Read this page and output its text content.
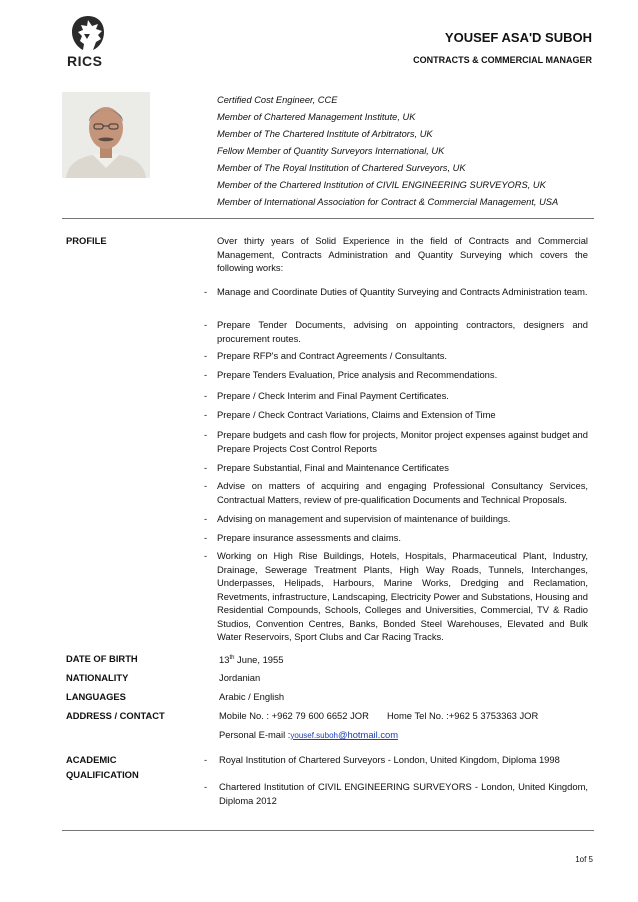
RICS
YOUSEF ASA'D SUBOH
CONTRACTS & COMMERCIAL MANAGER
Certified Cost Engineer, CCE
Member of Chartered Management Institute, UK
Member of The Chartered Institute of Arbitrators, UK
Fellow Member of Quantity Surveyors International, UK
Member of The Royal Institution of Chartered Surveyors, UK
Member of the Chartered Institution of CIVIL ENGINEERING SURVEYORS, UK
Member of International Association for Contract & Commercial Management, USA
PROFILE	Over thirty years of Solid Experience in the field of Contracts and Commercial Management, Contracts Administration and Quantity Surveying which covers the following works:
- Manage and Coordinate Duties of Quantity Surveying and Contracts Administration team.
- Prepare Tender Documents, advising on appointing contractors, designers and procurement routes.
- Prepare RFP's and Contract Agreements / Consultants.
- Prepare Tenders Evaluation, Price analysis and Recommendations.
- Prepare / Check Interim and Final Payment Certificates.
- Prepare / Check Contract Variations, Claims and Extension of Time
- Prepare budgets and cash flow for projects, Monitor project expenses against budget and Prepare Projects Cost Control Reports
- Prepare Substantial, Final and Maintenance Certificates
- Advise on matters of acquiring and engaging Professional Consultancy Services, Contractual Matters, review of pre-qualification Documents and Technical Proposals.
- Advising on management and supervision of maintenance of buildings.
- Prepare insurance assessments and claims.
- Working on High Rise Buildings, Hotels, Hospitals, Pharmaceutical Plant, Industry, Drainage, Sewerage Treatment Plants, High Way Roads, Tunnels, Interchanges, Underpasses, Helipads, Harbours, Marine Works, Dredging and Reclamation, Revetments, infrastructure, Landscaping, Electricity Power and Substations, Housing and Residential Compounds, Schools, Colleges and Universities, Commercial, TV & Radio Studios, Convention Centres, Banks, Bonded Steel Warehouses, Elevated and Bulk Water Reservoirs, Sport Clubs and Car Racing Tracks.
DATE OF BIRTH	13th June, 1955
NATIONALITY	Jordanian
LANGUAGES	Arabic / English
ADDRESS / CONTACT	Mobile No. : +962 79 600 6652 JOR Home Tel No. :+962 5 3753363 JOR
Personal E-mail :yousef.suboh@hotmail.com
ACADEMIC
QUALIFICATION
- Royal Institution of Chartered Surveyors - London, United Kingdom, Diploma 1998
- Chartered Institution of CIVIL ENGINEERING SURVEYORS - London, United Kingdom, Diploma 2012
1of 5
